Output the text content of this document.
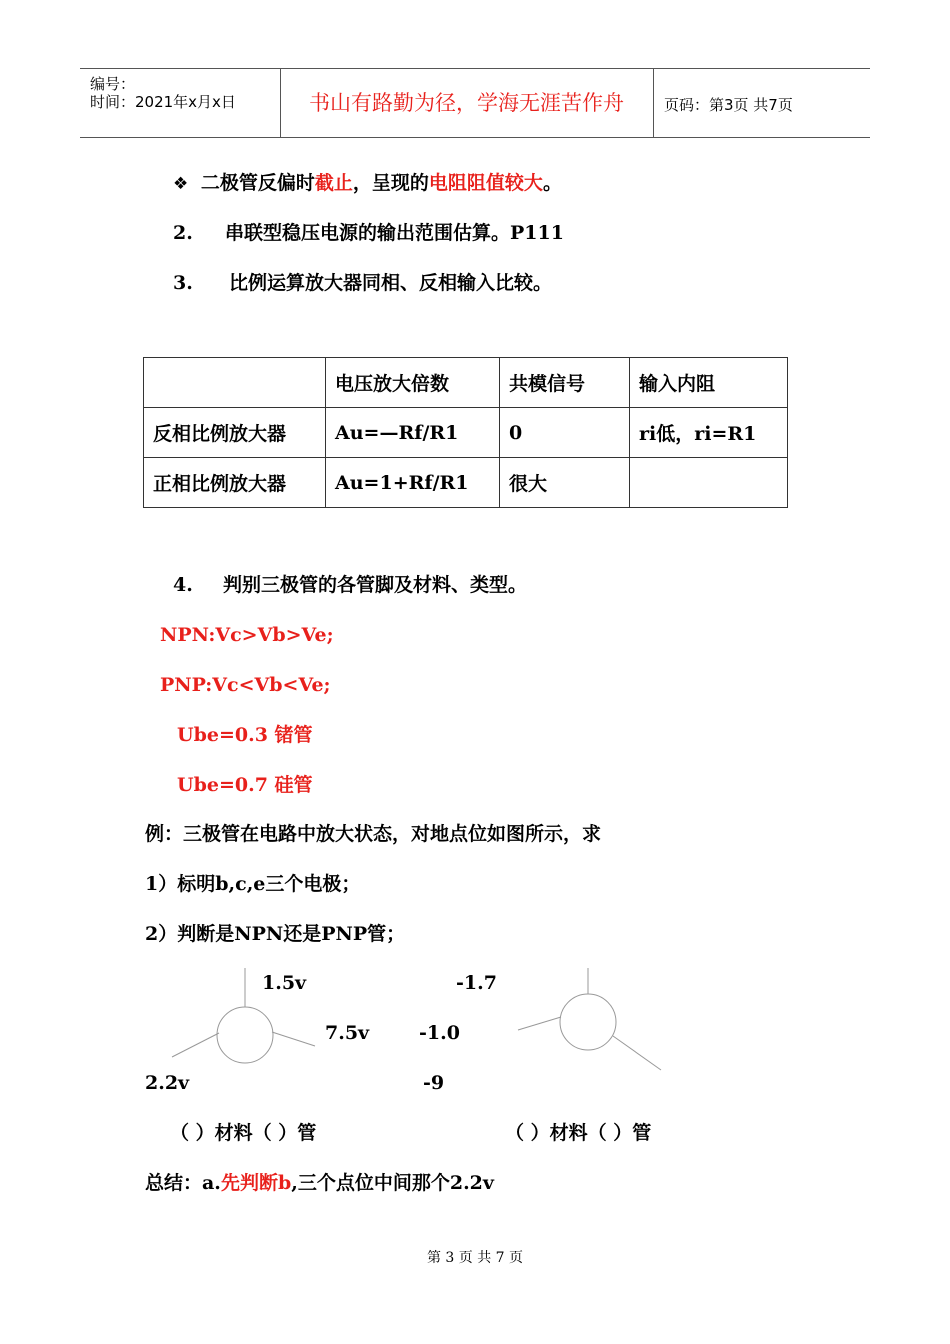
编号：
时间：2021年x月x日	书山有路勤为径，学海无涯苦作舟	页码：第3页 共7页
❖ 二极管反偏时截止，呈现的电阻阻值较大。
2. 串联型稳压电源的输出范围估算。P111
3. 比例运算放大器同相、反相输入比较。
	电压放大倍数	共模信号	输入内阻
反相比例放大器	Au=—Rf/R1	0	ri低，ri=R1
正相比例放大器	Au=1+Rf/R1	很大	
4. 判别三极管的各管脚及材料、类型。
NPN:Vc>Vb>Ve;
PNP:Vc<Vb<Ve;
Ube=0.3 锗管
Ube=0.7 硅管
例：三极管在电路中放大状态，对地点位如图所示，求
1）标明b,c,e三个电极；
2）判断是NPN还是PNP管；
1.5v
7.5v
2.2v
-1.7
-1.0
-9
（ ）材料（ ）管	（ ）材料（ ）管
总结：a.先判断b,三个点位中间那个2.2v
第 3 页 共 7 页
